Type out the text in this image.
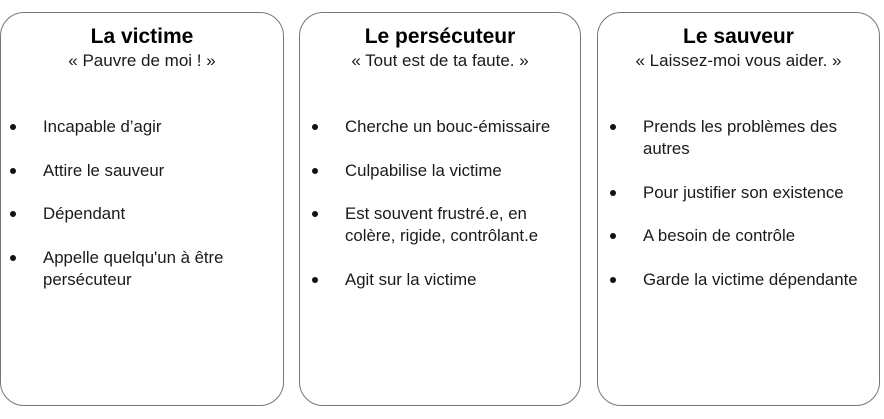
La victime
« Pauvre de moi ! »
Incapable d’agir
Attire le sauveur
Dépendant
Appelle quelqu'un à être persécuteur
Le persécuteur
« Tout est de ta faute. »
Cherche un bouc-émissaire
Culpabilise la victime
Est souvent frustré.e, en colère, rigide, contrôlant.e
Agit sur la victime
Le sauveur
« Laissez-moi vous aider. »
Prends les problèmes des autres
Pour justifier son existence
A besoin de contrôle
Garde la victime dépendante
